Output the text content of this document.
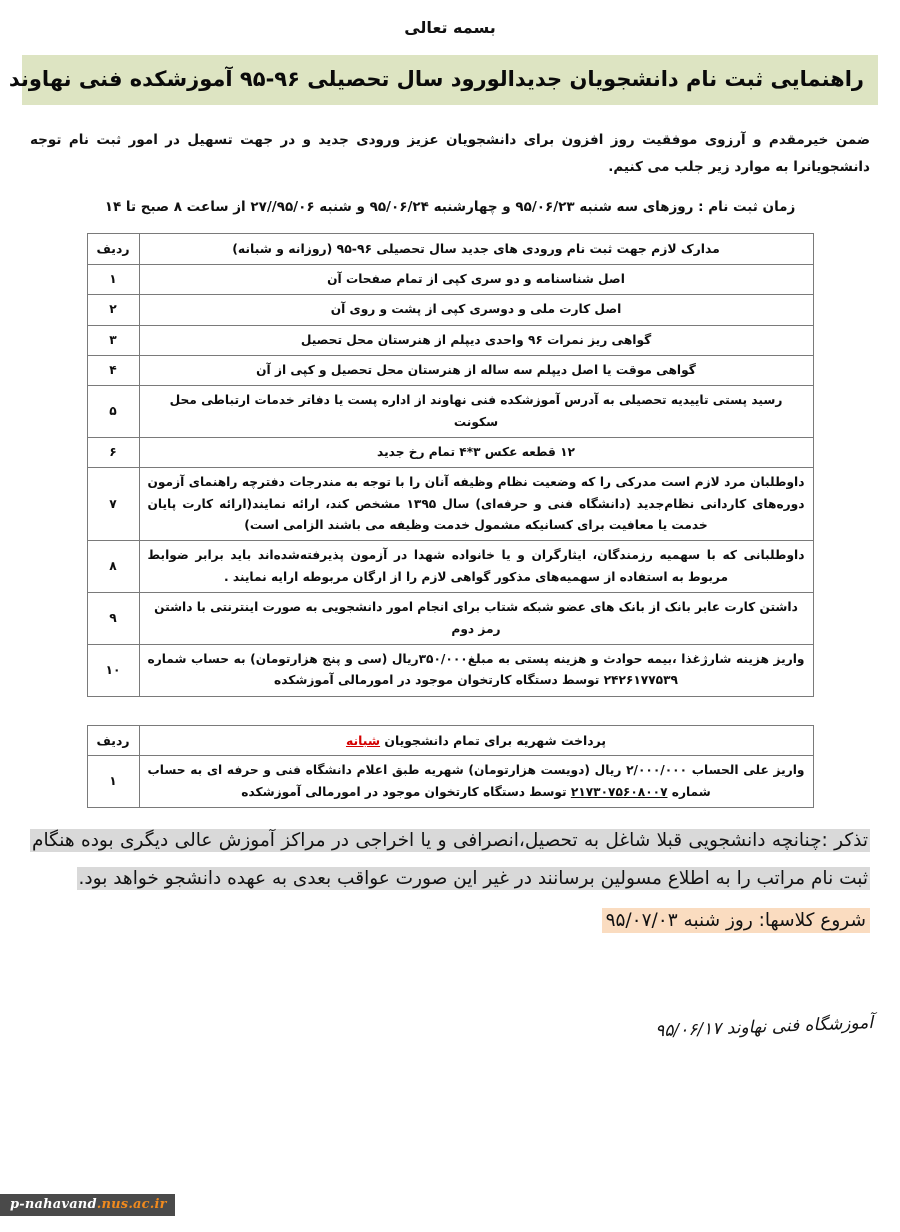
بسمه تعالی
راهنمایی ثبت نام دانشجویان جدیدالورود سال تحصیلی ۹۶-۹۵ آموزشکده فنی نهاوند
ضمن خیرمقدم و آرزوی موفقیت روز افزون برای دانشجویان عزیز ورودی جدید و در جهت تسهیل در امور ثبت نام توجه دانشجویانرا به موارد زیر جلب می کنیم.
زمان ثبت نام : روزهای سه شنبه ۹۵/۰۶/۲۳ و چهارشنبه ۹۵/۰۶/۲۴ و شنبه ۹۵/۰۶//۲۷ از ساعت ۸ صبح تا ۱۴
مدارک لازم جهت ثبت نام ورودی های جدید سال تحصیلی ۹۶-۹۵ (روزانه و شبانه)	ردیف
اصل شناسنامه و دو سری کپی از تمام صفحات آن	۱
اصل کارت ملی و دوسری کپی از پشت و روی آن	۲
گواهی ریز نمرات ۹۶ واحدی دیپلم از هنرستان محل تحصیل	۳
گواهی موقت یا اصل دیپلم سه ساله از هنرستان محل تحصیل و کپی از آن	۴
رسید پستی تاییدیه تحصیلی به آدرس آموزشکده فنی نهاوند از اداره پست یا دفاتر خدمات ارتباطی محل سکونت	۵
۱۲ قطعه عکس ۳*۴ تمام رخ جدید	۶
داوطلبان مرد لازم است مدرکی را که وضعیت نظام وظیفه آنان را با توجه به مندرجات دفترچه راهنمای آزمون دوره‌های کاردانی نظام‌جدید (دانشگاه فنی و حرفه‌ای) سال ۱۳۹۵ مشخص کند، ارائه نمایند(ارائه کارت پایان خدمت یا معافیت برای کسانیکه مشمول خدمت وظیفه می باشند الزامی است)	۷
داوطلبانی که با سهمیه رزمندگان، ایثارگران و یا خانواده شهدا در آزمون پذیرفته‌شده‌اند باید برابر ضوابط مربوط به استفاده از سهمیه‌های مذکور گواهی لازم را از ارگان مربوطه ارایه نمایند .	۸
داشتن کارت عابر بانک از بانک های عضو شبکه شتاب برای انجام امور دانشجویی به صورت اینترنتی با داشتن رمز دوم	۹
واریز هزینه شارژغذا ،بیمه حوادث و هزینه پستی به مبلغ۳۵۰/۰۰۰ریال (سی و پنج هزارتومان) به حساب شماره ۲۴۲۶۱۷۷۵۳۹ توسط دستگاه کارتخوان موجود در امورمالی آموزشکده	۱۰
پرداخت شهریه برای تمام دانشجویان شبانه	ردیف
واریز علی الحساب ۲/۰۰۰/۰۰۰ ریال (دویست هزارتومان) شهریه طبق اعلام دانشگاه فنی و حرفه ای به حساب شماره ۲۱۷۳۰۷۵۶۰۸۰۰۷ توسط دستگاه کارتخوان موجود در امورمالی آموزشکده	۱
تذکر :چنانچه دانشجویی قبلا شاغل به تحصیل،انصرافی و یا اخراجی در مراکز آموزش عالی دیگری بوده هنگام ثبت نام مراتب را به اطلاع مسولین برسانند در غیر این صورت عواقب بعدی به عهده دانشجو خواهد بود.
شروع کلاسها: روز شنبه ۹۵/۰۷/۰۳
آموزشگاه فنی نهاوند ۹۵/۰۶/۱۷
p-nahavand.nus.ac.ir
